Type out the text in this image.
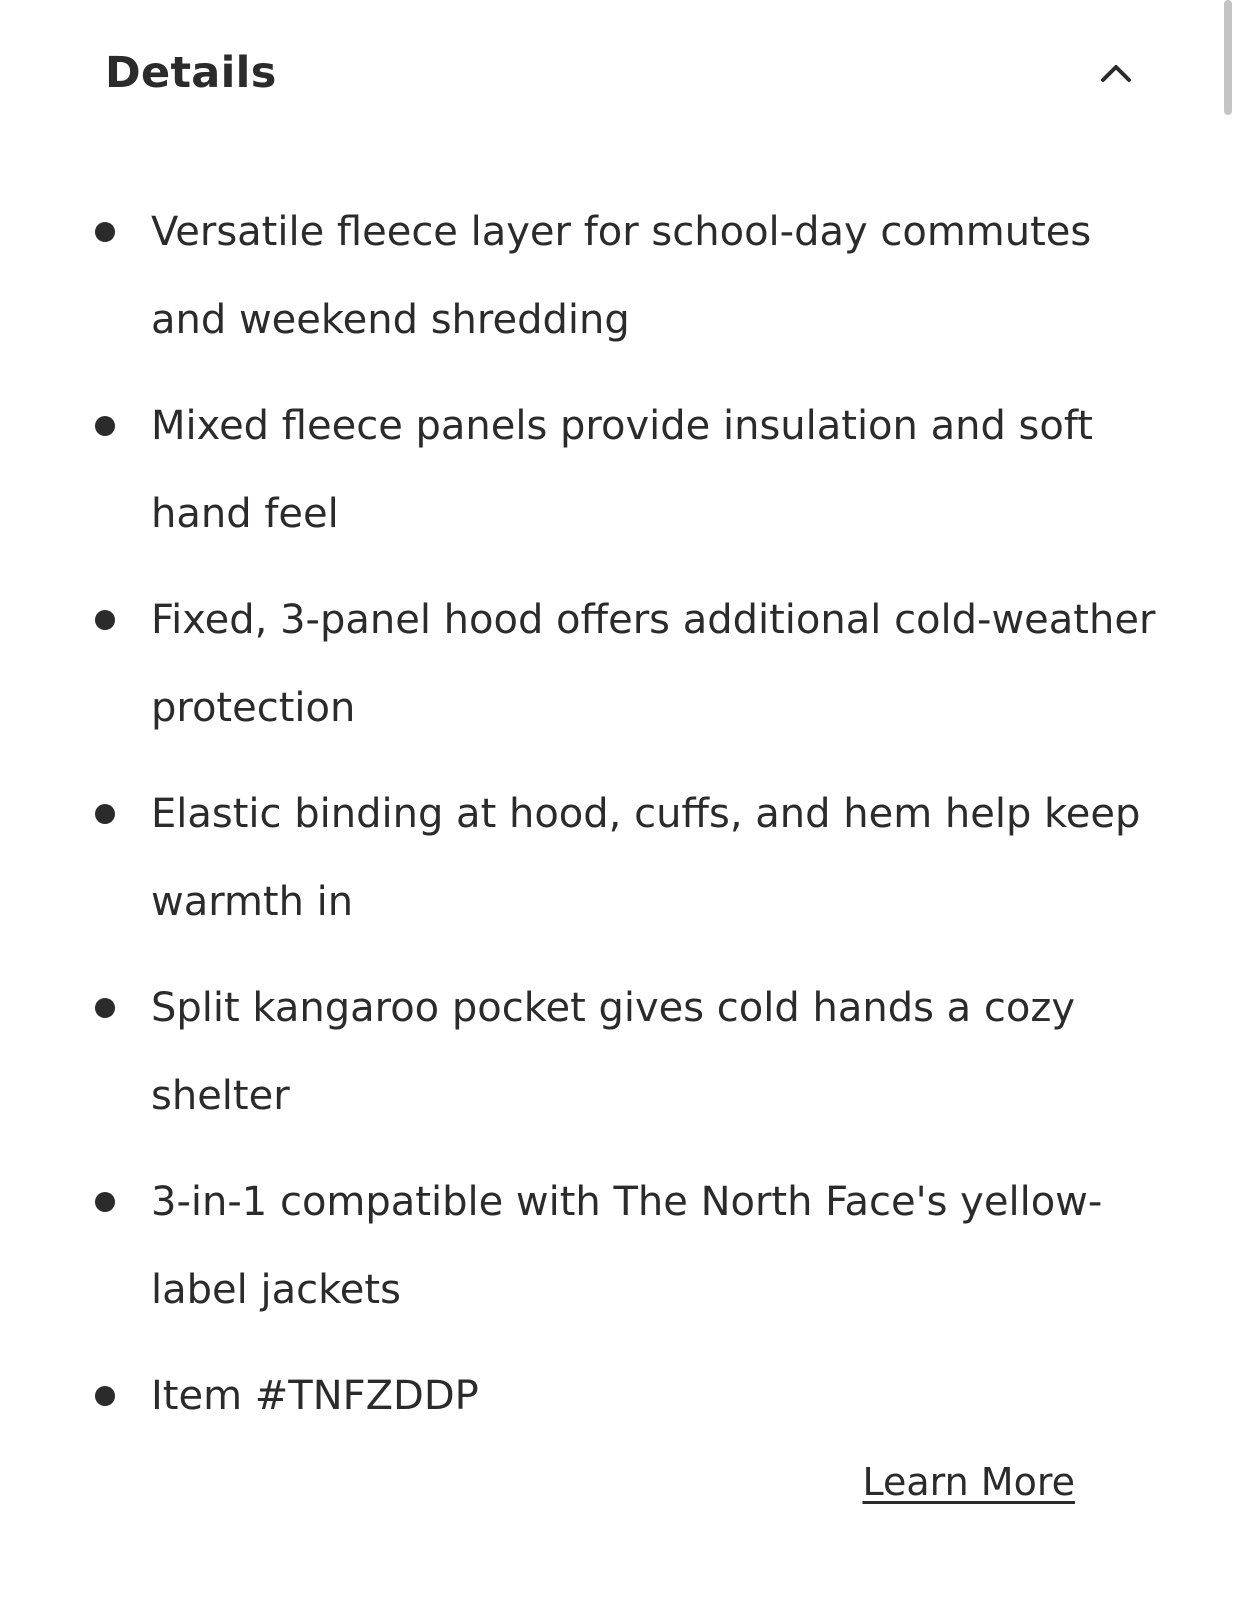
Details
Versatile fleece layer for school-day commutes and weekend shredding
Mixed fleece panels provide insulation and soft hand feel
Fixed, 3-panel hood offers additional cold-weather protection
Elastic binding at hood, cuffs, and hem help keep warmth in
Split kangaroo pocket gives cold hands a cozy shelter
3-in-1 compatible with The North Face's yellow-label jackets
Item #TNFZDDP
Learn More
